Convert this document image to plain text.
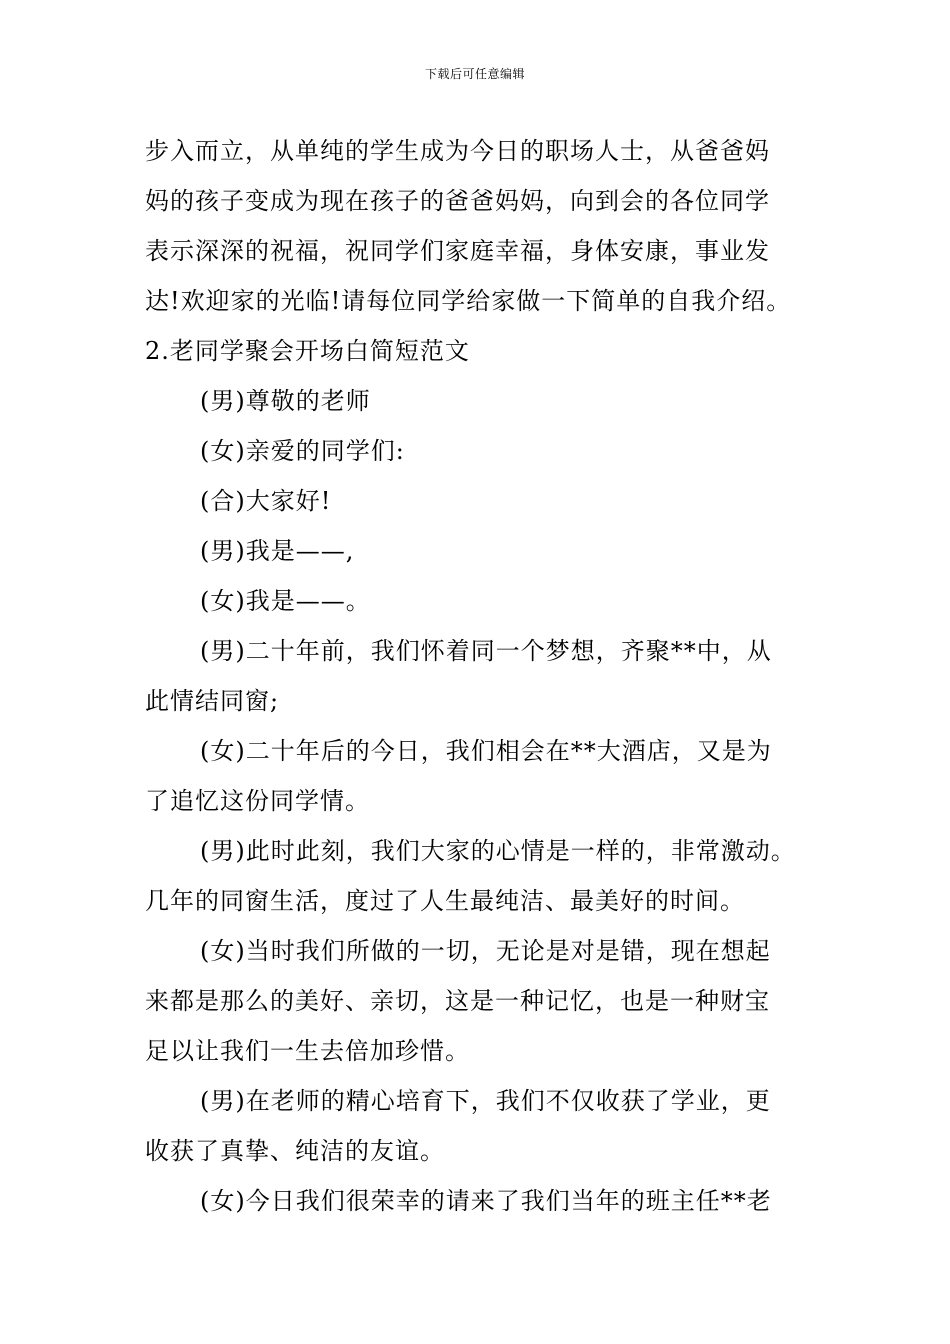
下载后可任意编辑
步入而立，从单纯的学生成为今日的职场人士，从爸爸妈
妈的孩子变成为现在孩子的爸爸妈妈，向到会的各位同学
表示深深的祝福，祝同学们家庭幸福，身体安康，事业发
达!欢迎家的光临!请每位同学给家做一下简单的自我介绍。
2.老同学聚会开场白简短范文
(男)尊敬的老师
(女)亲爱的同学们:
(合)大家好!
(男)我是——,
(女)我是——。
(男)二十年前，我们怀着同一个梦想，齐聚**中，从
此情结同窗;
(女)二十年后的今日，我们相会在**大酒店，又是为
了追忆这份同学情。
(男)此时此刻，我们大家的心情是一样的，非常激动。
几年的同窗生活，度过了人生最纯洁、最美好的时间。
(女)当时我们所做的一切，无论是对是错，现在想起
来都是那么的美好、亲切，这是一种记忆，也是一种财宝
足以让我们一生去倍加珍惜。
(男)在老师的精心培育下，我们不仅收获了学业，更
收获了真挚、纯洁的友谊。
(女)今日我们很荣幸的请来了我们当年的班主任**老
